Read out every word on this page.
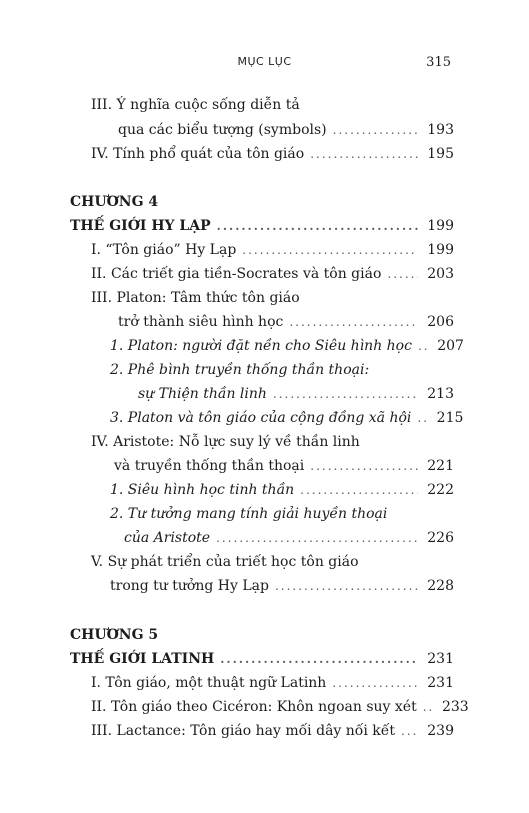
MỤC LỤC	315
III. Ý nghĩa cuộc sống diễn tả
qua các biểu tượng (symbols) .....	193
IV. Tính phổ quát của tôn giáo .....	195
CHƯƠNG 4
THẾ GIỚI HY LẠP .....	199
I. “Tôn giáo” Hy Lạp .....	199
II. Các triết gia tiền-Socrates và tôn giáo .....	203
III. Platon: Tâm thức tôn giáo
trở thành siêu hình học .....	206
1. Platon: người đặt nền cho Siêu hình học ..... 207
2. Phê bình truyền thống thần thoại:
sự Thiện thần linh .....	213
3. Platon và tôn giáo của cộng đồng xã hội ..... 215
IV. Aristote: Nỗ lực suy lý về thần linh
và truyền thống thần thoại .....	221
1. Siêu hình học tinh thần .....	222
2. Tư tưởng mang tính giải huyền thoại
của Aristote .....	226
V. Sự phát triển của triết học tôn giáo
trong tư tưởng Hy Lạp .....	228
CHƯƠNG 5
THẾ GIỚI LATINH .....	231
I. Tôn giáo, một thuật ngữ Latinh .....	231
II. Tôn giáo theo Cicéron: Khôn ngoan suy xét ..... 233
III. Lactance: Tôn giáo hay mối dây nối kết ..... 239
